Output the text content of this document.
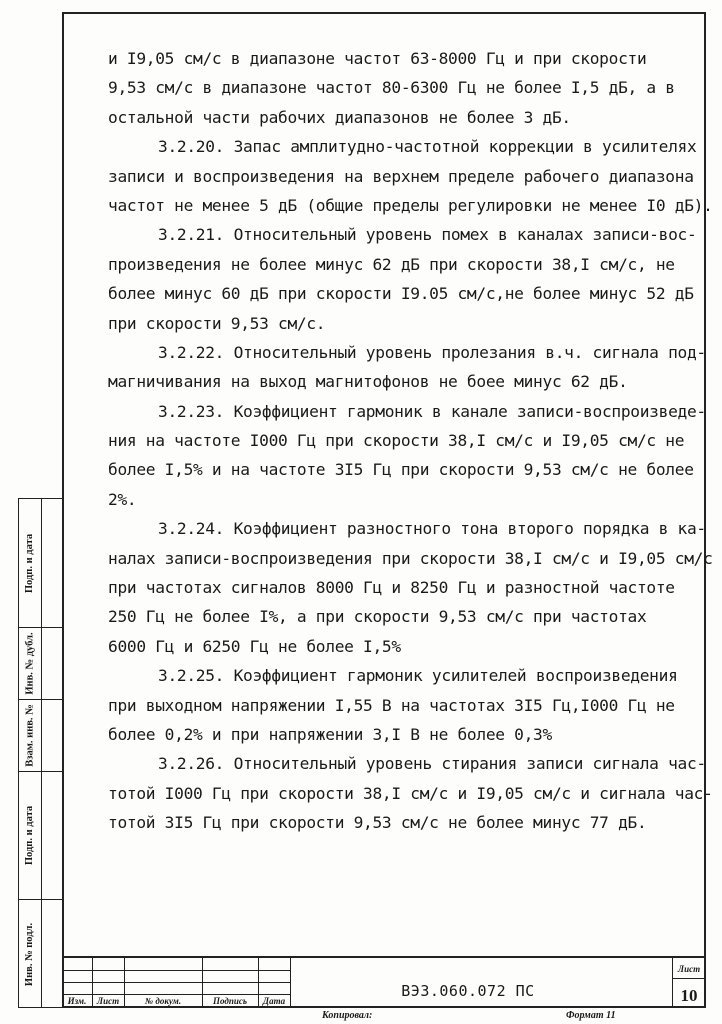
и I9,05 см/с в диапазоне частот 63-8000 Гц и при скорости
9,53 см/с в диапазоне частот 80-6300 Гц не более I,5 дБ, а в
остальной части рабочих диапазонов не более 3 дБ.
3.2.20. Запас амплитудно-частотной коррекции в усилителях
записи и воспроизведения на верхнем пределе рабочего диапазона
частот не менее 5 дБ (общие пределы регулировки не менее I0 дБ).
3.2.21. Относительный уровень помех в каналах записи-вос-
произведения не более минус 62 дБ при скорости 38,I см/с, не
более минус 60 дБ при скорости I9.05 см/с,не более минус 52 дБ
при скорости 9,53 см/с.
3.2.22. Относительный уровень пролезания в.ч. сигнала под-
магничивания на выход магнитофонов не боее минус 62 дБ.
3.2.23. Коэффициент гармоник в канале записи-воспроизведе-
ния на частоте I000 Гц при скорости 38,I см/с и I9,05 см/с не
более I,5% и на частоте 3I5 Гц при скорости 9,53 см/с не более
2%.
3.2.24. Коэффициент разностного тона второго порядка в ка-
налах записи-воспроизведения при скорости 38,I см/с и I9,05 см/с
при частотах сигналов 8000 Гц и 8250 Гц и разностной частоте
250 Гц не более I%, а при скорости 9,53 см/с при частотах
6000 Гц и 6250 Гц не более I,5%
3.2.25. Коэффициент гармоник усилителей воспроизведения
при выходном напряжении I,55 В на частотах 3I5 Гц,I000 Гц не
более 0,2% и при напряжении 3,I В не более 0,3%
3.2.26. Относительный уровень стирания записи сигнала час-
тотой I000 Гц при скорости 38,I см/с и I9,05 см/с и сигнала час-
тотой 3I5 Гц при скорости 9,53 см/с не более минус 77 дБ.
Подп. и дата
Инв. № дубл.
Взам. инв. №
Подп. и дата
Инв. № подл.
Изм.	Лист	№ докум.	Подпись	Дата
ВЭЗ.060.072 ПС
Лист
10
Копировал:	Формат 11
